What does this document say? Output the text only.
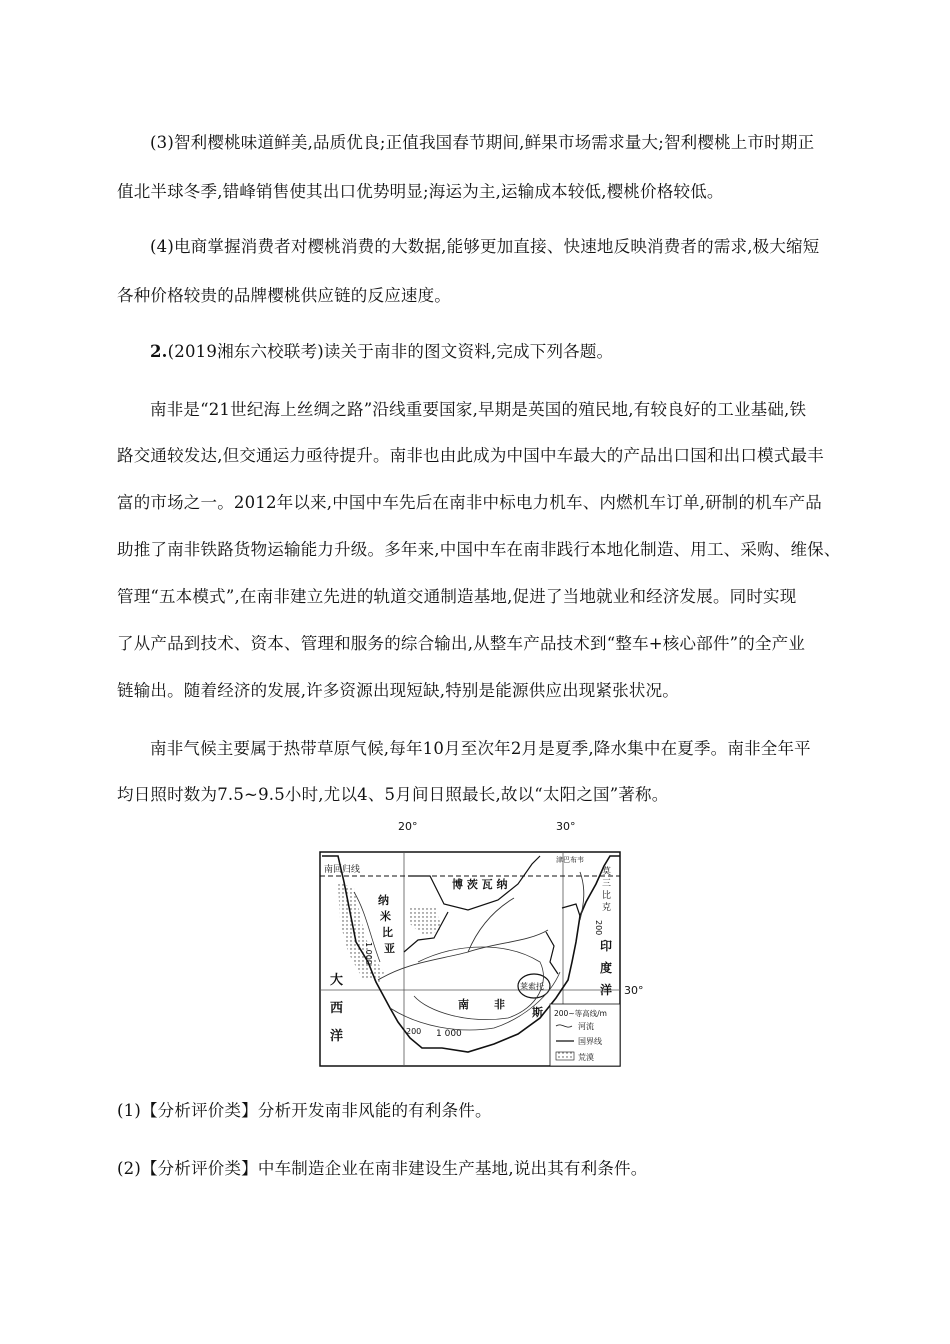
(3)智利樱桃味道鲜美,品质优良;正值我国春节期间,鲜果市场需求量大;智利樱桃上市时期正
值北半球冬季,错峰销售使其出口优势明显;海运为主,运输成本较低,樱桃价格较低。
(4)电商掌握消费者对樱桃消费的大数据,能够更加直接、快速地反映消费者的需求,极大缩短
各种价格较贵的品牌樱桃供应链的反应速度。
2.(2019湘东六校联考)读关于南非的图文资料,完成下列各题。
南非是“21世纪海上丝绸之路”沿线重要国家,早期是英国的殖民地,有较良好的工业基础,铁
路交通较发达,但交通运力亟待提升。南非也由此成为中国中车最大的产品出口国和出口模式最丰
富的市场之一。2012年以来,中国中车先后在南非中标电力机车、内燃机车订单,研制的机车产品
助推了南非铁路货物运输能力升级。多年来,中国中车在南非践行本地化制造、用工、采购、维保、
管理“五本模式”,在南非建立先进的轨道交通制造基地,促进了当地就业和经济发展。同时实现
了从产品到技术、资本、管理和服务的综合输出,从整车产品技术到“整车+核心部件”的全产业
链输出。随着经济的发展,许多资源出现短缺,特别是能源供应出现紧张状况。
南非气候主要属于热带草原气候,每年10月至次年2月是夏季,降水集中在夏季。南非全年平
均日照时数为7.5~9.5小时,尤以4、5月间日照最长,故以“太阳之国”著称。
(1)【分析评价类】分析开发南非风能的有利条件。
(2)【分析评价类】中车制造企业在南非建设生产基地,说出其有利条件。
20°	30°
30°
南回归线
纳
米
比
亚
博 茨 瓦 纳
莫
三
比
克
津巴布韦
莱索托
南 非
斯
大
西
洋
印
度
洋
1 000
1 000
200
200
200~等高线/m
河流
国界线
荒漠
